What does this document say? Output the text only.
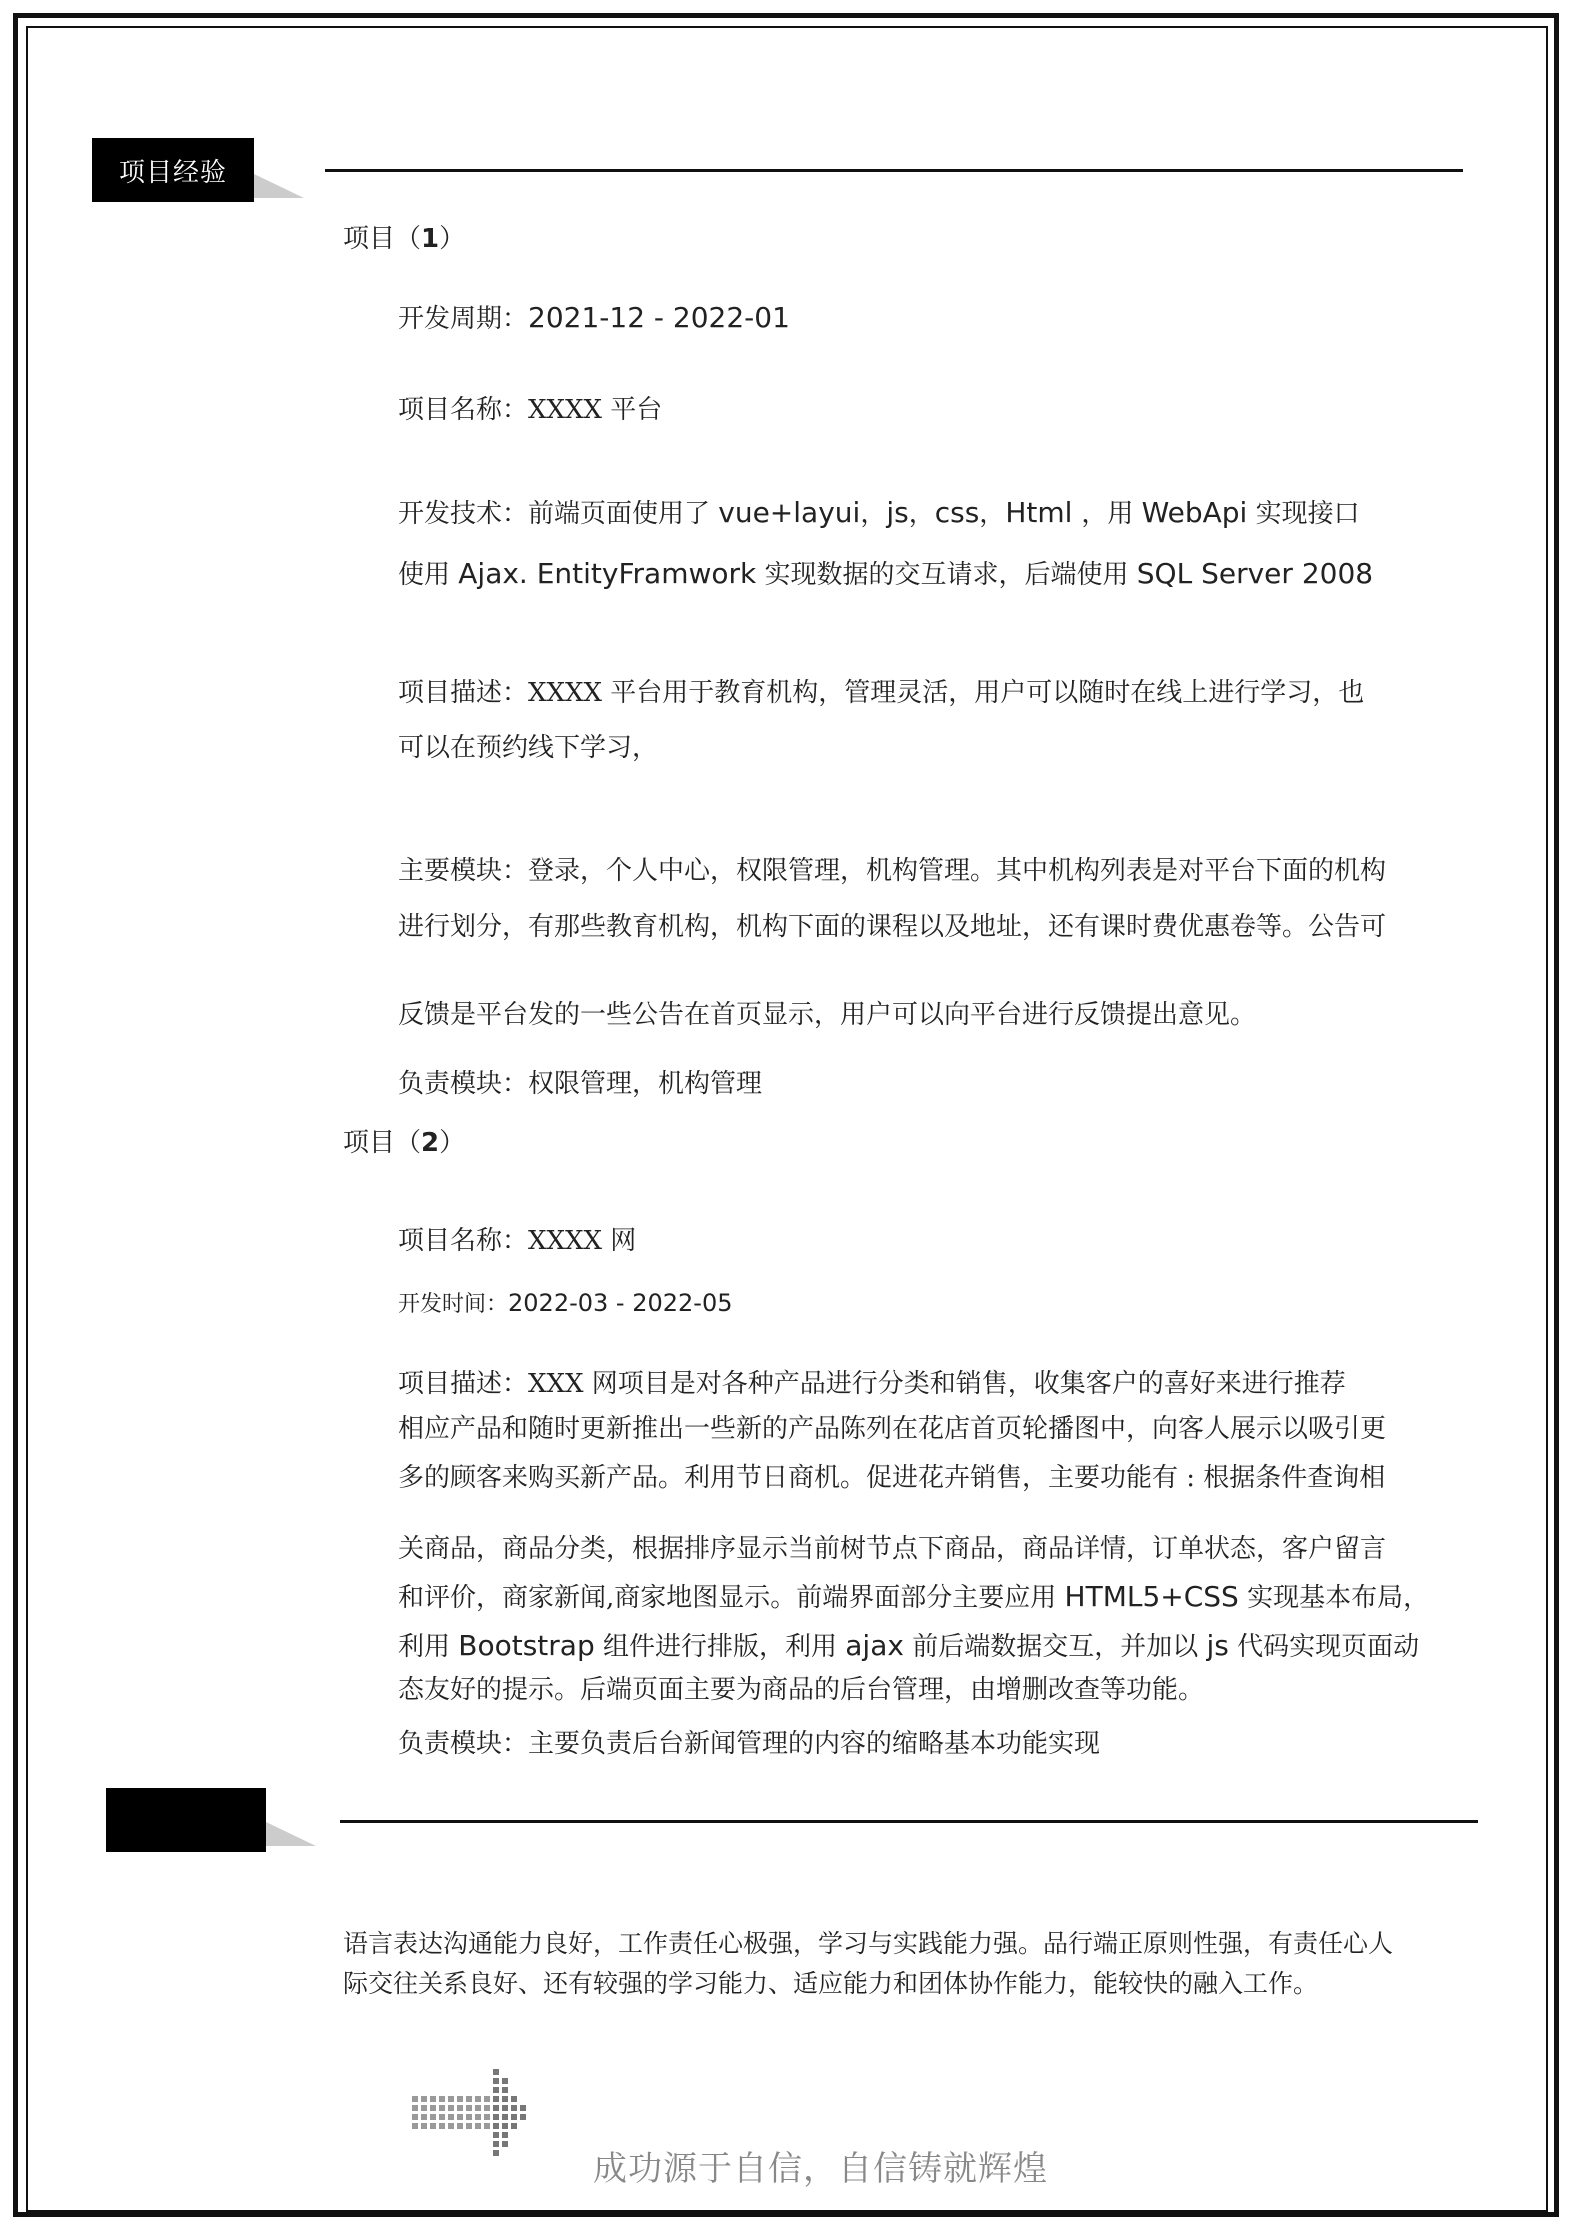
项目经验
项目（1）
开发周期：2021-12 - 2022-01
项目名称：XXXX 平台
开发技术：前端页面使用了 vue+layui，js，css，Html ，用 WebApi 实现接口
使用 Ajax. EntityFramwork 实现数据的交互请求，后端使用 SQL Server 2008
项目描述：XXXX 平台用于教育机构，管理灵活，用户可以随时在线上进行学习，也
可以在预约线下学习，
主要模块：登录，个人中心，权限管理，机构管理。其中机构列表是对平台下面的机构
进行划分，有那些教育机构，机构下面的课程以及地址，还有课时费优惠卷等。公告可
反馈是平台发的一些公告在首页显示，用户可以向平台进行反馈提出意见。
负责模块：权限管理，机构管理
项目（2）
项目名称：XXXX 网
开发时间：2022-03 - 2022-05
项目描述：XXX 网项目是对各种产品进行分类和销售，收集客户的喜好来进行推荐
相应产品和随时更新推出一些新的产品陈列在花店首页轮播图中，向客人展示以吸引更
多的顾客来购买新产品。利用节日商机。促进花卉销售，主要功能有 : 根据条件查询相
关商品，商品分类，根据排序显示当前树节点下商品，商品详情，订单状态，客户留言
和评价，商家新闻,商家地图显示。前端界面部分主要应用 HTML5+CSS 实现基本布局，
利用 Bootstrap 组件进行排版，利用 ajax 前后端数据交互，并加以 js 代码实现页面动
态友好的提示。后端页面主要为商品的后台管理，由增删改查等功能。
负责模块：主要负责后台新闻管理的内容的缩略基本功能实现
语言表达沟通能力良好，工作责任心极强，学习与实践能力强。品行端正原则性强，有责任心人
际交往关系良好、还有较强的学习能力、适应能力和团体协作能力，能较快的融入工作。
成功源于自信，自信铸就辉煌
